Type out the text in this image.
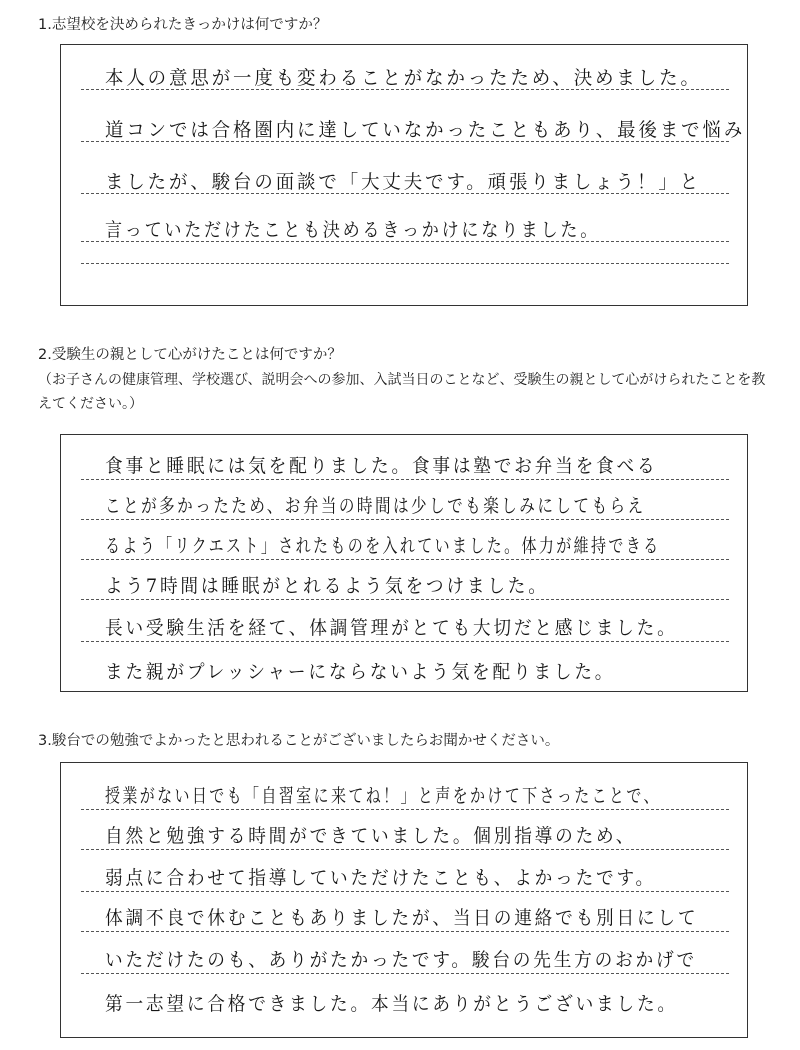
1.志望校を決められたきっかけは何ですか？
本人の意思が一度も変わることがなかったため、決めました。
道コンでは合格圏内に達していなかったこともあり、最後まで悩み
ましたが、駿台の面談で「大丈夫です。頑張りましょう！」と
言っていただけたことも決めるきっかけになりました。
2.受験生の親として心がけたことは何ですか？
（お子さんの健康管理、学校選び、説明会への参加、入試当日のことなど、受験生の親として心がけられたことを教えてください。）
食事と睡眠には気を配りました。食事は塾でお弁当を食べる
ことが多かったため、お弁当の時間は少しでも楽しみにしてもらえ
るよう「リクエスト」されたものを入れていました。体力が維持できる
よう7時間は睡眠がとれるよう気をつけました。
長い受験生活を経て、体調管理がとても大切だと感じました。
また親がプレッシャーにならないよう気を配りました。
3.駿台での勉強でよかったと思われることがございましたらお聞かせください。
授業がない日でも「自習室に来てね！」と声をかけて下さったことで、
自然と勉強する時間ができていました。個別指導のため、
弱点に合わせて指導していただけたことも、よかったです。
体調不良で休むこともありましたが、当日の連絡でも別日にして
いただけたのも、ありがたかったです。駿台の先生方のおかげで
第一志望に合格できました。本当にありがとうございました。
